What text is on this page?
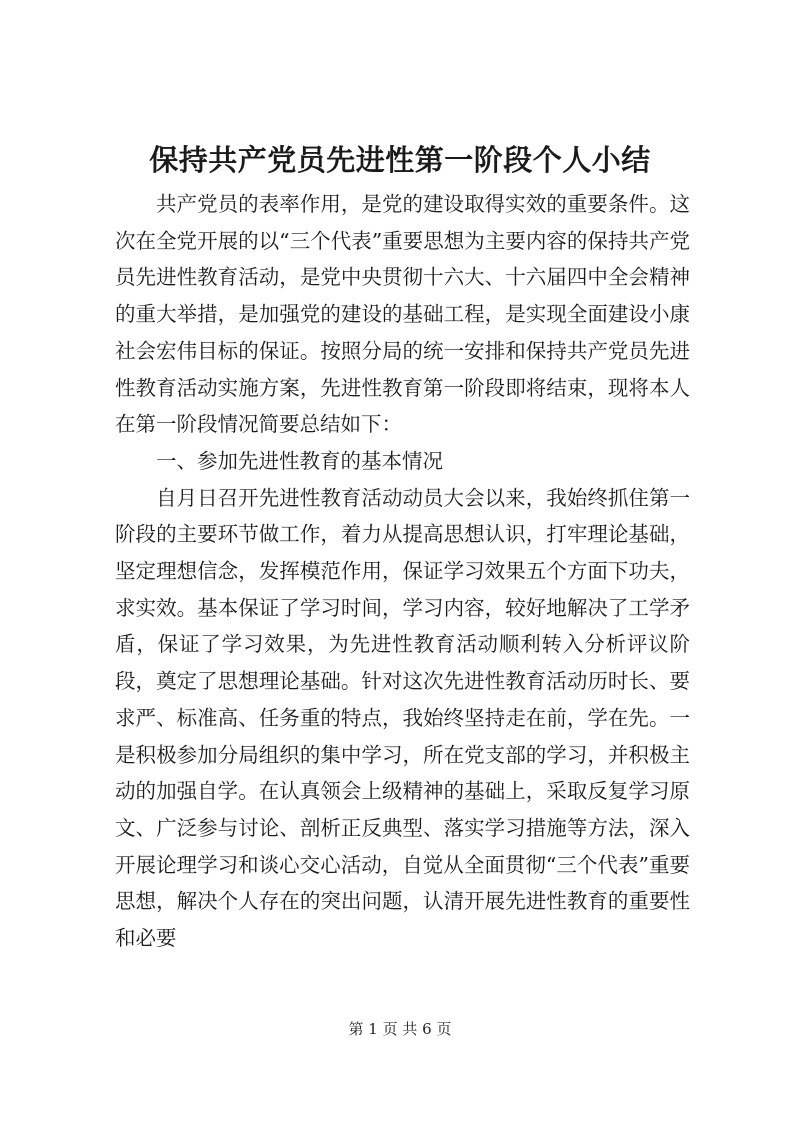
保持共产党员先进性第一阶段个人小结

共产党员的表率作用，是党的建设取得实效的重要条件。这次在全党开展的以“三个代表”重要思想为主要内容的保持共产党员先进性教育活动，是党中央贯彻十六大、十六届四中全会精神的重大举措，是加强党的建设的基础工程，是实现全面建设小康社会宏伟目标的保证。按照分局的统一安排和保持共产党员先进性教育活动实施方案，先进性教育第一阶段即将结束，现将本人在第一阶段情况简要总结如下：

一、参加先进性教育的基本情况

自月日召开先进性教育活动动员大会以来，我始终抓住第一阶段的主要环节做工作，着力从提高思想认识，打牢理论基础，坚定理想信念，发挥模范作用，保证学习效果五个方面下功夫，求实效。基本保证了学习时间，学习内容，较好地解决了工学矛盾，保证了学习效果，为先进性教育活动顺利转入分析评议阶段，奠定了思想理论基础。针对这次先进性教育活动历时长、要求严、标准高、任务重的特点，我始终坚持走在前，学在先。一是积极参加分局组织的集中学习，所在党支部的学习，并积极主动的加强自学。在认真领会上级精神的基础上，采取反复学习原文、广泛参与讨论、剖析正反典型、落实学习措施等方法，深入开展论理学习和谈心交心活动，自觉从全面贯彻“三个代表”重要思想，解决个人存在的突出问题，认清开展先进性教育的重要性和必要

第 1 页 共 6 页
